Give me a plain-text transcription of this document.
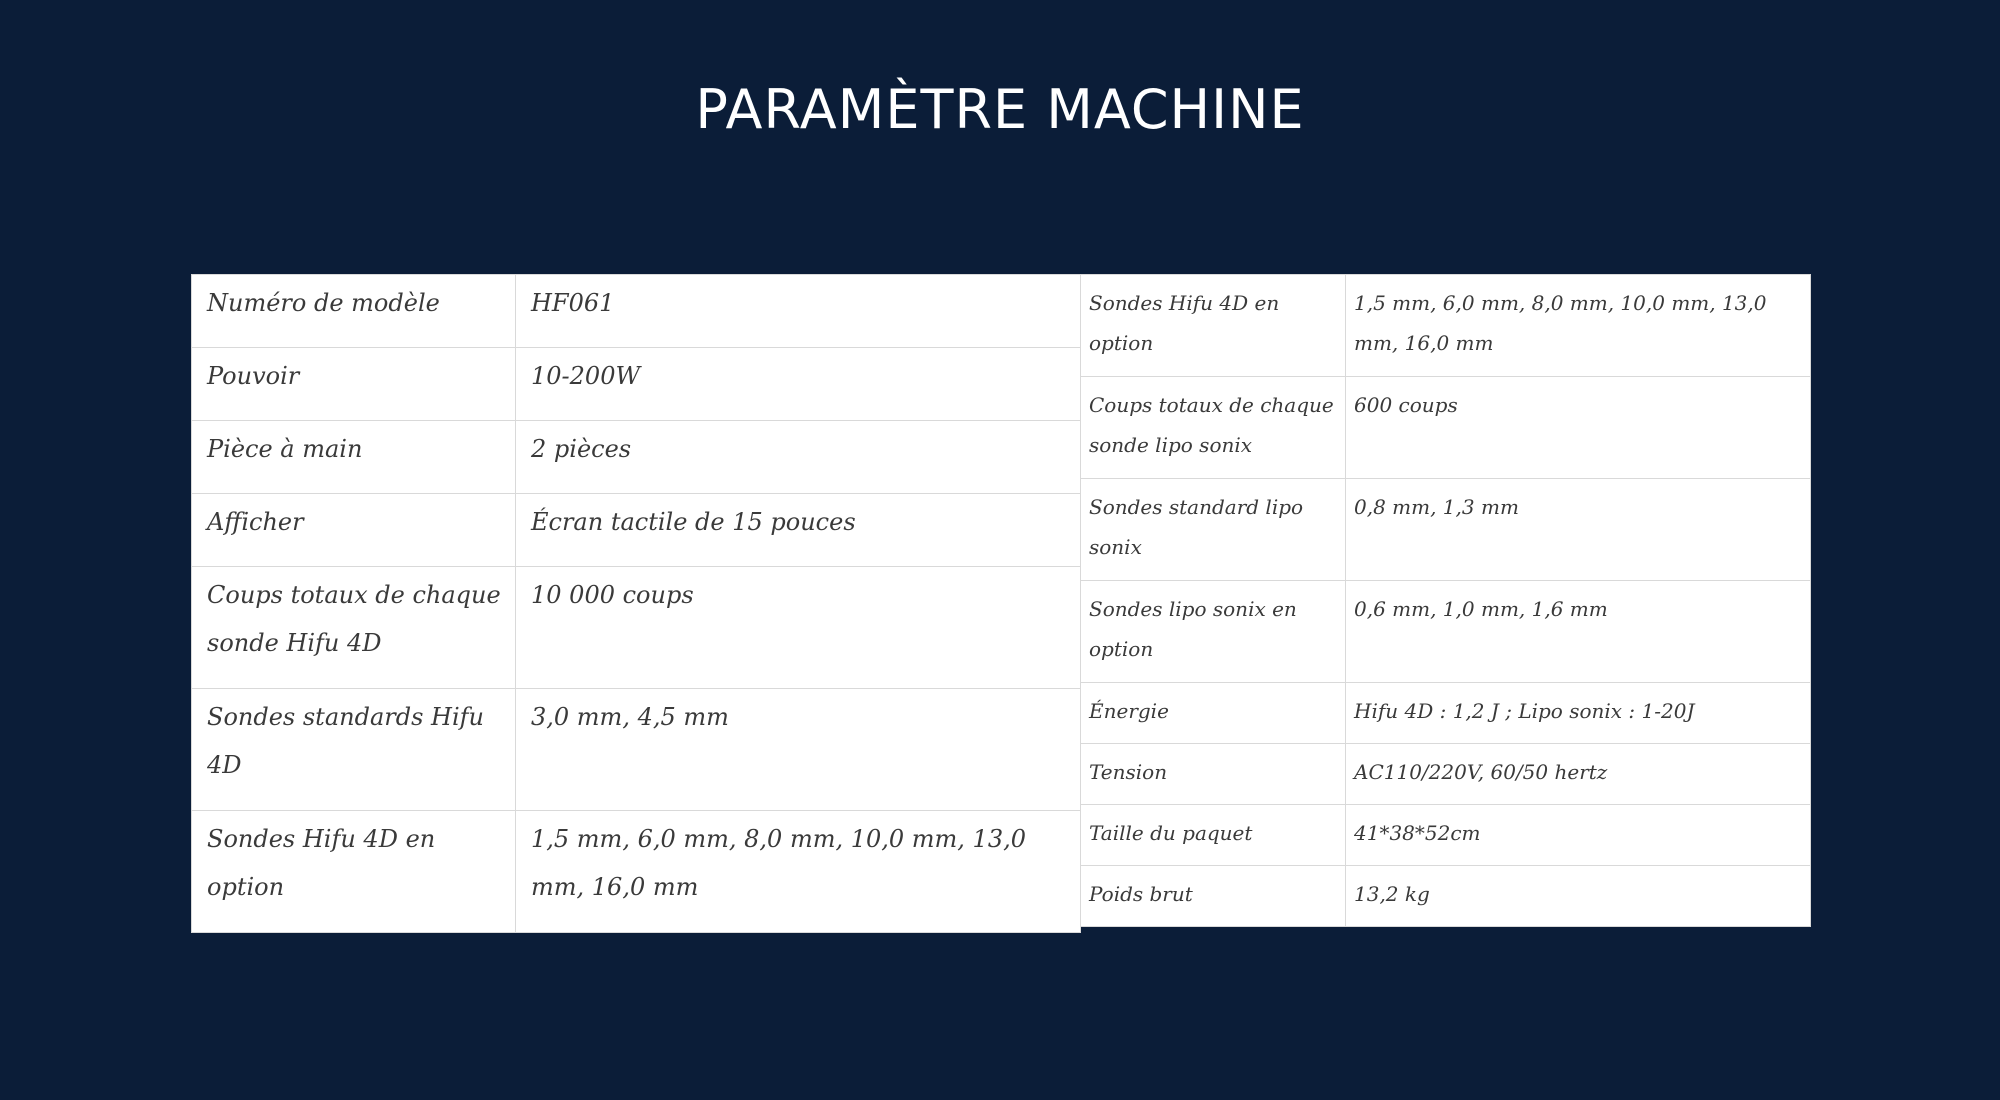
PARAMÈTRE MACHINE
Numéro de modèle	HF061
Pouvoir	10-200W
Pièce à main	2 pièces
Afficher	Écran tactile de 15 pouces
Coups totaux de chaque sonde Hifu 4D	10 000 coups
Sondes standards Hifu 4D	3,0 mm, 4,5 mm
Sondes Hifu 4D en option	1,5 mm, 6,0 mm, 8,0 mm, 10,0 mm, 13,0 mm, 16,0 mm
Sondes Hifu 4D en option	1,5 mm, 6,0 mm, 8,0 mm, 10,0 mm, 13,0 mm, 16,0 mm
Coups totaux de chaque sonde lipo sonix	600 coups
Sondes standard lipo sonix	0,8 mm, 1,3 mm
Sondes lipo sonix en option	0,6 mm, 1,0 mm, 1,6 mm
Énergie	Hifu 4D : 1,2 J ; Lipo sonix : 1-20J
Tension	AC110/220V, 60/50 hertz
Taille du paquet	41*38*52cm
Poids brut	13,2 kg
